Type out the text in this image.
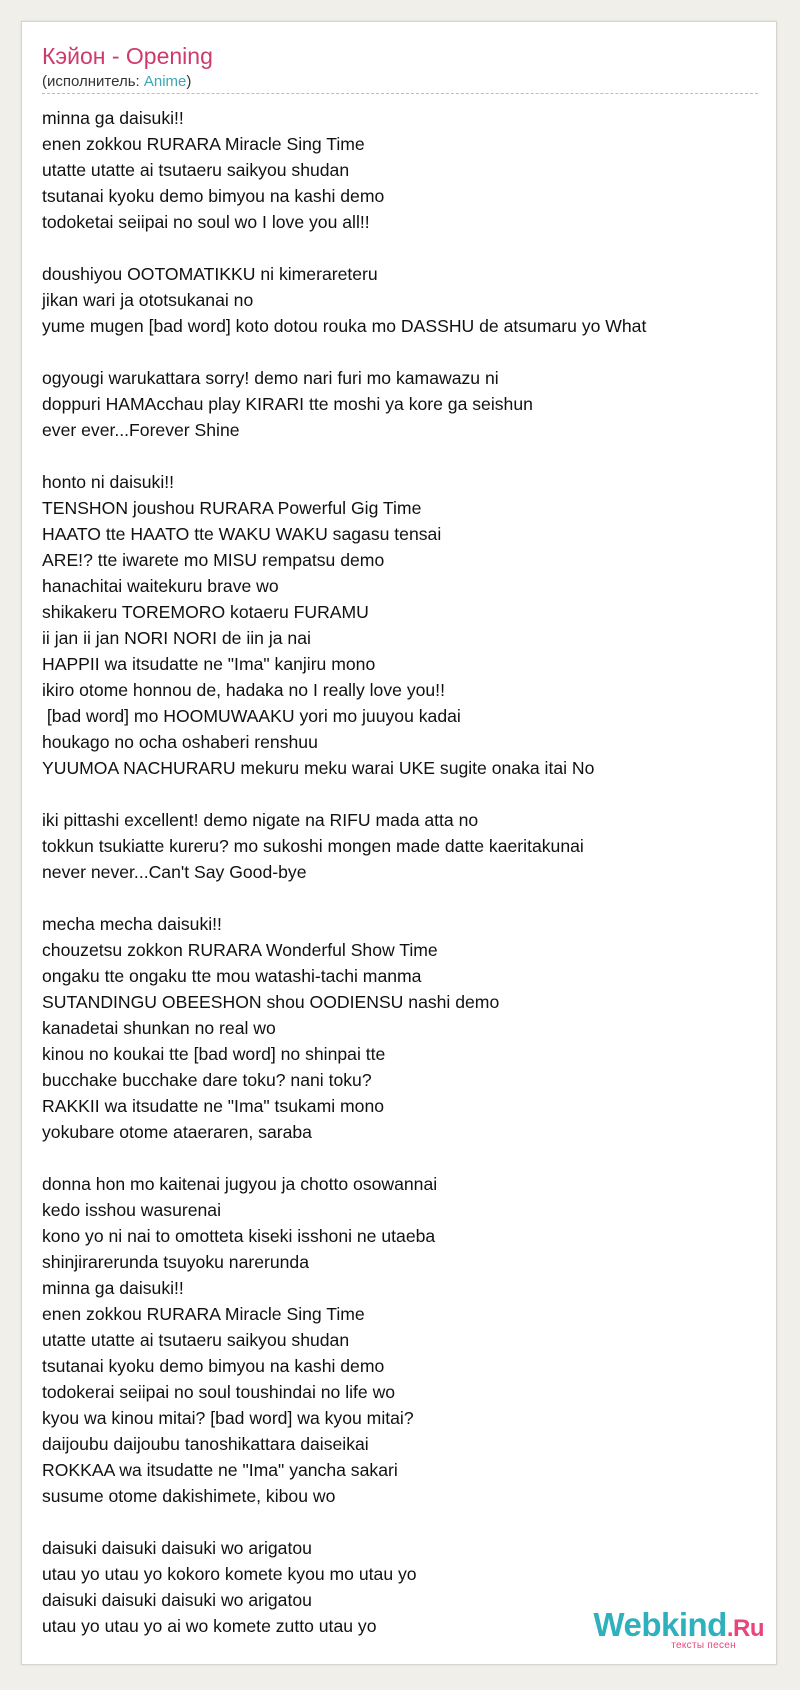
Кэйон - Opening
(исполнитель: Anime)
minna ga daisuki!!
enen zokkou RURARA Miracle Sing Time
utatte utatte ai tsutaeru saikyou shudan
tsutanai kyoku demo bimyou na kashi demo
todoketai seiipai no soul wo I love you all!!

doushiyou OOTOMATIKKU ni kimerareteru
jikan wari ja ototsukanai no
yume mugen [bad word] koto dotou rouka mo DASSHU de atsumaru yo What

ogyougi warukattara sorry! demo nari furi mo kamawazu ni
doppuri HAMAcchau play KIRARI tte moshi ya kore ga seishun
ever ever...Forever Shine

honto ni daisuki!!
TENSHON joushou RURARA Powerful Gig Time
HAATO tte HAATO tte WAKU WAKU sagasu tensai
ARE!? tte iwarete mo MISU rempatsu demo
hanachitai waitekuru brave wo
shikakeru TOREMORO kotaeru FURAMU
ii jan ii jan NORI NORI de iin ja nai
HAPPII wa itsudatte ne "Ima" kanjiru mono
ikiro otome honnou de, hadaka no I really love you!!
[bad word] mo HOOMUWAAKU yori mo juuyou kadai
houkago no ocha oshaberi renshuu
YUUMOA NACHURARU mekuru meku warai UKE sugite onaka itai No

iki pittashi excellent! demo nigate na RIFU mada atta no
tokkun tsukiatte kureru? mo sukoshi mongen made datte kaeritakunai
never never...Can't Say Good-bye

mecha mecha daisuki!!
chouzetsu zokkon RURARA Wonderful Show Time
ongaku tte ongaku tte mou watashi-tachi manma
SUTANDINGU OBEESHON shou OODIENSU nashi demo
kanadetai shunkan no real wo
kinou no koukai tte [bad word] no shinpai tte
bucchake bucchake dare toku? nani toku?
RAKKII wa itsudatte ne "Ima" tsukami mono
yokubare otome ataeraren, saraba

donna hon mo kaitenai jugyou ja chotto osowannai
kedo isshou wasurenai
kono yo ni nai to omotteta kiseki isshoni ne utaeba
shinjirarerunda tsuyoku narerunda
minna ga daisuki!!
enen zokkou RURARA Miracle Sing Time
utatte utatte ai tsutaeru saikyou shudan
tsutanai kyoku demo bimyou na kashi demo
todokerai seiipai no soul toushindai no life wo
kyou wa kinou mitai? [bad word] wa kyou mitai?
daijoubu daijoubu tanoshikattara daiseikai
ROKKAA wa itsudatte ne "Ima" yancha sakari
susume otome dakishimete, kibou wo

daisuki daisuki daisuki wo arigatou
utau yo utau yo kokoro komete kyou mo utau yo
daisuki daisuki daisuki wo arigatou
utau yo utau yo ai wo komete zutto utau yo	Webkind.Ru
тексты песен
